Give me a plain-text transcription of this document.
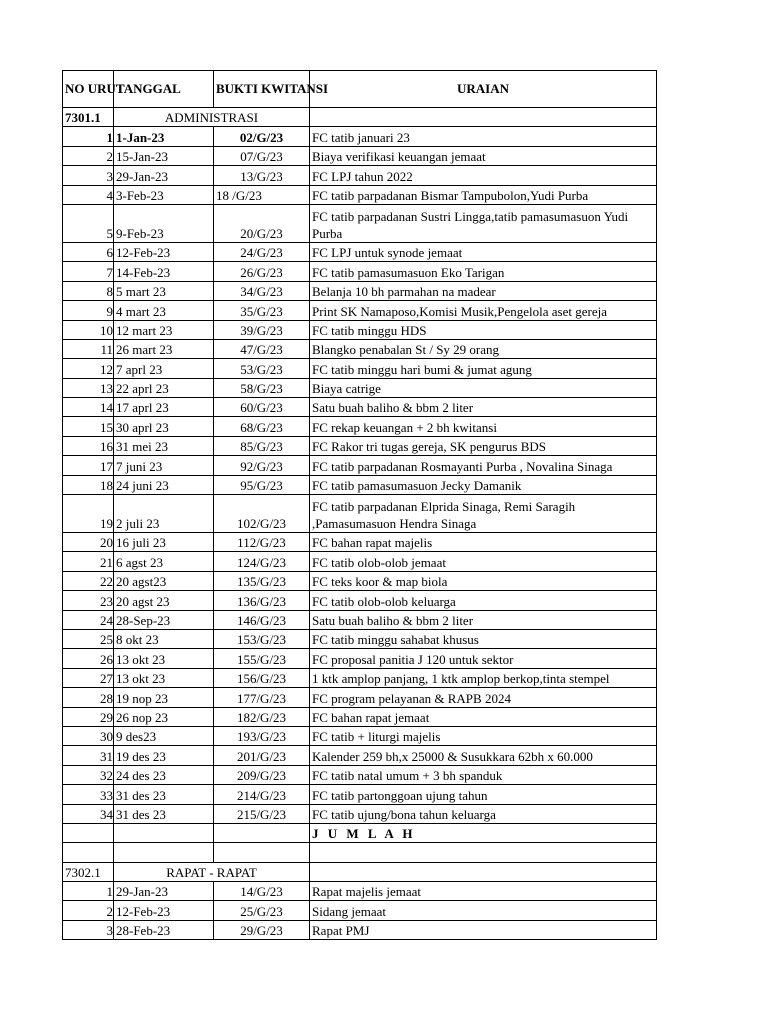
NO URUT	TANGGAL	BUKTI KWITANSI	URAIAN
7301.1	ADMINISTRASI		
1	1-Jan-23	02/G/23	FC tatib januari 23
2	15-Jan-23	07/G/23	Biaya verifikasi keuangan jemaat
3	29-Jan-23	13/G/23	FC LPJ tahun 2022
4	3-Feb-23	18 /G/23	FC tatib parpadanan Bismar Tampubolon,Yudi Purba
5	9-Feb-23	20/G/23	FC tatib parpadanan Sustri Lingga,tatib pamasumasuon Yudi Purba
6	12-Feb-23	24/G/23	FC LPJ untuk synode jemaat
7	14-Feb-23	26/G/23	FC tatib pamasumasuon Eko Tarigan
8	5 mart 23	34/G/23	Belanja 10 bh parmahan na madear
9	4 mart 23	35/G/23	Print SK Namaposo,Komisi Musik,Pengelola aset gereja
10	12 mart 23	39/G/23	FC tatib minggu HDS
11	26 mart 23	47/G/23	Blangko penabalan St / Sy 29 orang
12	7 aprl 23	53/G/23	FC tatib minggu hari bumi & jumat agung
13	22 aprl 23	58/G/23	Biaya catrige
14	17 aprl 23	60/G/23	Satu buah baliho & bbm 2 liter
15	30 aprl 23	68/G/23	FC rekap keuangan + 2 bh kwitansi
16	31 mei 23	85/G/23	FC Rakor tri tugas gereja, SK pengurus BDS
17	7 juni 23	92/G/23	FC tatib parpadanan Rosmayanti Purba , Novalina Sinaga
18	24 juni 23	95/G/23	FC tatib pamasumasuon Jecky Damanik
19	2 juli 23	102/G/23	FC tatib parpadanan Elprida Sinaga, Remi Saragih ,Pamasumasuon Hendra Sinaga
20	16 juli 23	112/G/23	FC bahan rapat majelis
21	6 agst 23	124/G/23	FC tatib olob-olob jemaat
22	20 agst23	135/G/23	FC teks koor & map biola
23	20 agst 23	136/G/23	FC tatib olob-olob keluarga
24	28-Sep-23	146/G/23	Satu buah baliho & bbm 2 liter
25	8 okt 23	153/G/23	FC tatib minggu sahabat khusus
26	13 okt 23	155/G/23	FC proposal panitia J 120 untuk sektor
27	13 okt 23	156/G/23	1 ktk amplop panjang, 1 ktk amplop berkop,tinta stempel
28	19 nop 23	177/G/23	FC program pelayanan & RAPB 2024
29	26 nop 23	182/G/23	FC bahan rapat jemaat
30	9 des23	193/G/23	FC tatib + liturgi majelis
31	19 des 23	201/G/23	Kalender 259 bh,x 25000 & Susukkara 62bh x 60.000
32	24 des 23	209/G/23	FC tatib natal umum + 3 bh spanduk
33	31 des 23	214/G/23	FC tatib partonggoan ujung tahun
34	31 des 23	215/G/23	FC tatib ujung/bona tahun keluarga
			J U M L A H

7302.1	RAPAT - RAPAT		
1	29-Jan-23	14/G/23	Rapat majelis jemaat
2	12-Feb-23	25/G/23	Sidang jemaat
3	28-Feb-23	29/G/23	Rapat PMJ
